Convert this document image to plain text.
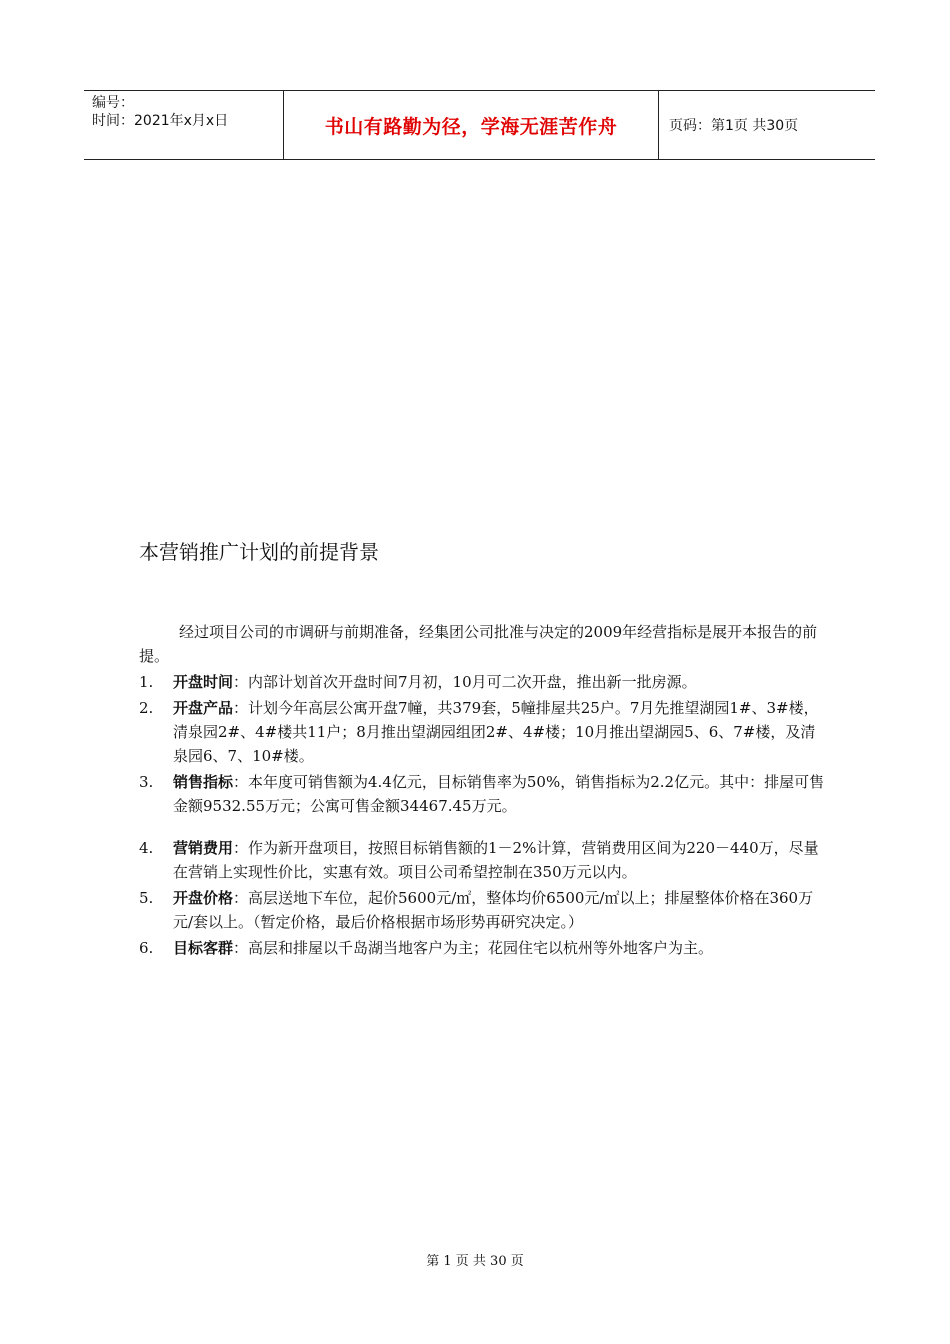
编号：
时间：2021年x月x日	书山有路勤为径，学海无涯苦作舟	页码：第1页 共30页
本营销推广计划的前提背景

经过项目公司的市调研与前期准备，经集团公司批准与决定的2009年经营指标是展开本报告的前提。

1.	开盘时间：内部计划首次开盘时间7月初，10月可二次开盘，推出新一批房源。
2.	开盘产品：计划今年高层公寓开盘7幢，共379套，5幢排屋共25户。7月先推望湖园1#、3#楼，清泉园2#、4#楼共11户；8月推出望湖园组团2#、4#楼；10月推出望湖园5、6、7#楼，及清泉园6、7、10#楼。
3.	销售指标：本年度可销售额为4.4亿元，目标销售率为50%，销售指标为2.2亿元。其中：排屋可售金额9532.55万元；公寓可售金额34467.45万元。
4.	营销费用：作为新开盘项目，按照目标销售额的1－2%计算，营销费用区间为220－440万，尽量在营销上实现性价比，实惠有效。项目公司希望控制在350万元以内。
5.	开盘价格：高层送地下车位，起价5600元/㎡，整体均价6500元/㎡以上；排屋整体价格在360万元/套以上。（暂定价格，最后价格根据市场形势再研究决定。）
6.	目标客群：高层和排屋以千岛湖当地客户为主；花园住宅以杭州等外地客户为主。
第 1 页 共 30 页
